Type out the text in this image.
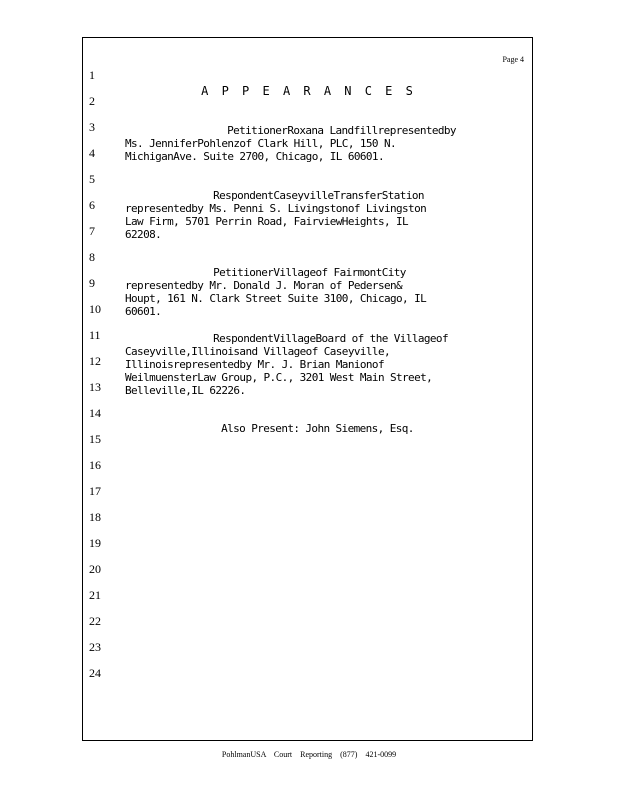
Page 4
A P P E A R A N C E S
1
2
3
4
5
6
7
8
9
10
11
12
13
14
15
16
17
18
19
20
21
22
23
24

PetitionerRoxana Landfillrepresentedby
Ms. JenniferPohlenzof Clark Hill, PLC, 150 N.
MichiganAve. Suite 2700, Chicago, IL 60601.

RespondentCaseyvilleTransferStation
representedby Ms. Penni S. Livingstonof Livingston
Law Firm, 5701 Perrin Road, FairviewHeights, IL
62208.

PetitionerVillageof FairmontCity
representedby Mr. Donald J. Moran of Pedersen&
Houpt, 161 N. Clark Street Suite 3100, Chicago, IL
60601.

RespondentVillageBoard of the Villageof
Caseyville,Illinoisand Villageof Caseyville,
Illinoisrepresentedby Mr. J. Brian Manionof
WeilmuensterLaw Group, P.C., 3201 West Main Street,
Belleville,IL 62226.

Also Present: John Siemens, Esq.

PohlmanUSA Court Reporting (877) 421-0099
